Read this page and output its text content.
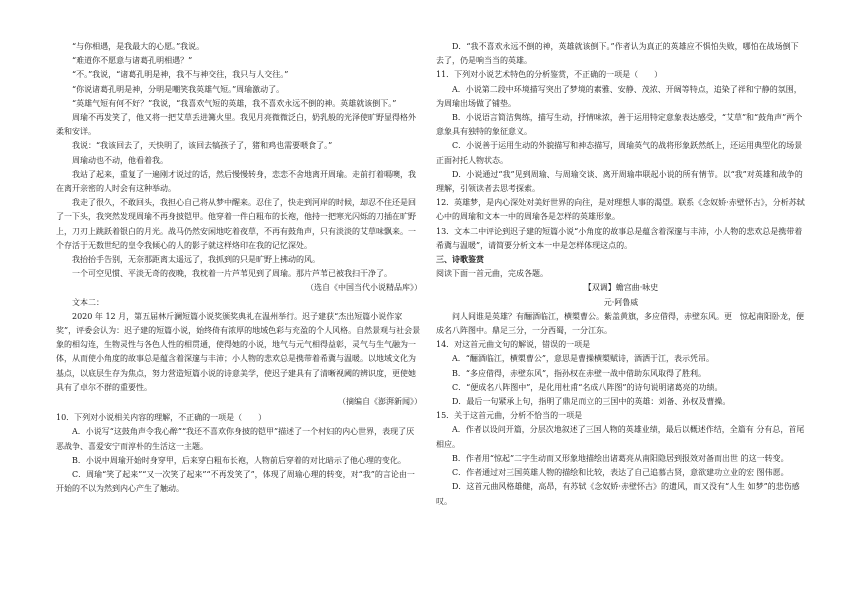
“与你相遇，是我最大的心愿。”我说。

“难道你不愿意与诸葛孔明相遇？”

“不。”我说，“诸葛孔明是神，我不与神交往，我只与人交往。”

“你说诸葛孔明是神，分明是嘲笑我英雄气短。”周瑜激动了。

“英雄气短有何不好？”我说，“我喜欢气短的英雄，我不喜欢永远不倒的神。英雄就该倒下。”

周瑜不再发笑了，他又将一把艾草丢进篝火里。我见月亮微微泛白，奶乳般的光泽使旷野显得格外柔和安详。

我说：“我该回去了，天快明了，该回去犒孩子了，猪和鸡也需要喂食了。”

周瑜动也不动，他看着我。

我站了起来，重复了一遍刚才说过的话，然后慢慢转身，恋恋不舍地离开周瑜。走前打着嗝噢，我在离开亲密的人时会有这种举动。

我走了很久，不敢回头，我担心自己将从梦中醒来。忍住了，快走到河岸的时候，却忍不住还是回了一下头，我突然发现周瑜不再身披铠甲。他穿着一件白粗布的长袍，他持一把寒光闪烁的刀插在旷野上，刀刃上跳跃着银白的月光。战马仍然安闲地吃着夜草，不再有鼓角声，只有淡淡的艾草味飘来。一个存活于无数世纪的皇令我倾心的人的影子就这样烙印在我的记忆深处。

我抬抬手告别，无奈那距离太遥远了，我抓到的只是旷野上拂动的风。

一个可空见惯、平淡无奇的夜晚，我枕着一片芦苇见到了周瑜。那片芦苇已被我扫干净了。

（选自《中国当代小说精品库》）

文本二：

2020 年 12 月，第五届林斤澜短篇小说奖颁奖典礼在温州举行。迟子建获“杰出短篇小说作家奖”，评委会认为：迟子建的短篇小说，始终倚有浓厚的地域色彩与充盈的个人风格。自然景观与社会景象的相勾连，生物灵性与各色人性的相贯通，使得她的小说，地气与元气相得益彰，灵气与生气融为一体，从而使小角度的故事总是蕴含着深邃与丰沛；小人物的悲欢总是携带着希冀与温暖。以地域文化为基点，以底层生存为焦点，努力营造短篇小说的诗意美学，使迟子建具有了清晰视阈的辨识度，更使她具有了卓尔不群的重要性。

（摘编自《澎湃新闻》）

10．下列对小说相关内容的理解，不正确的一项是（　　）

A．小说写“这鼓角声令我心醉”“我还不喜欢你身披的铠甲”描述了一个村妇的内心世界，表现了厌恶战争、喜爱安宁而淳朴的生活这一主题。

B．小说中周瑜开始时身穿甲，后来穿白粗布长袍，人物前后穿着的对比暗示了他心理的变化。

C．周瑜“笑了起来”“又一次笑了起来”“不再发笑了”，体现了周瑜心理的转变，对“我”的言论由一开始的不以为然到内心产生了触动。

D．“我不喜欢永远不倒的神，英雄就该倒下。”作者认为真正的英雄应不惧怕失败，哪怕在战场倒下去了，仍是响当当的英雄。

11．下列对小说艺术特色的分析鉴赏，不正确的一项是（　　）

A．小说第二段中环境描写突出了梦境的素雅、安静、茂浓、开阔等特点，追染了祥和宁静的氛围，为周瑜出场做了铺垫。

B．小说语言简洁隽练，描写生动，抒情味浓，善于运用特定意象表达感受，“艾草”和“鼓角声”两个意象具有独特的象征意义。

C．小说善于运用生动的外貌描写和神态描写，周瑜英气的战将形象跃然纸上，还运用典型化的场景正面衬托人物状态。

D．小说通过“我”见到周瑜、与周瑜交谈、离开周瑜串联起小说的所有情节。以“我”对英雄和战争的理解，引领读者去思考探索。

12．英雄梦，是内心深处对美好世界的向往，是对理想人事的渴望。联系《念奴娇·赤壁怀古》，分析苏轼心中的周瑜和文本一中的周瑜各是怎样的英雄形象。

13．文本二中评论到迟子建的短篇小说“小角度的故事总是蕴含着深邃与丰沛，小人物的悲欢总是携带着希冀与温暖”，请简要分析文本一中是怎样体现这点的。

三、诗歌鉴赏

阅读下面一首元曲，完成各题。

【双调】蟾宫曲·咏史

元·阿鲁威

问人间谁是英雄？有酾酒临江，横槊曹公。紫盖黄旗，多应借得，赤壁东风。更　惊起南阳卧龙，便成名八阵图中。鼎足三分，一分西蜀，一分江东。

14．对这首元曲文句的解说，错误的一项是

A．“酾酒临江，横槊曹公”，意思是曹操横槊赋诗，酒洒于江，表示凭吊。

B．“多应借得，赤壁东风”，指孙权在赤壁一战中借助东风取得了胜利。

C．“便成名八阵图中”，是化用杜甫“名成八阵图”的诗句说明诸葛亮的功绩。

D．最后一句紧承上句，指明了鼎足而立的三国中的英雄：刘备、孙权及曹操。

15．关于这首元曲，分析不恰当的一项是

A．作者以设问开篇，分层次地叙述了三国人物的英雄业绩，最后以概述作结，全篇有 分有总，首尾相应。

B．作者用“惊起”二字生动而又形象地描绘出诸葛亮从南阳隐居到报效对备而出世 的这一转变。

C．作者通过对三国英雄人物的描绘和比较，表达了自己追慕古贤，意欲建功立业的宏 图伟愿。

D．这首元曲风格雄健，高昂，有苏轼《念奴娇·赤壁怀古》的遗风，而又没有“人生 如梦”的悲伤感叹。
